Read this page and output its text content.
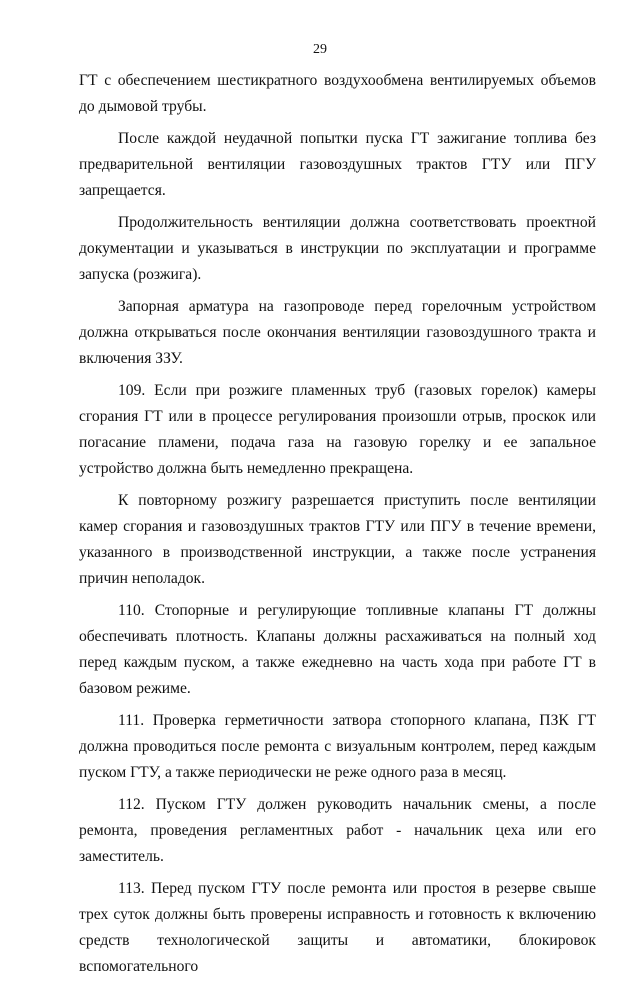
29

ГТ с обеспечением шестикратного воздухообмена вентилируемых объемов до дымовой трубы.

После каждой неудачной попытки пуска ГТ зажигание топлива без предварительной вентиляции газовоздушных трактов ГТУ или ПГУ запрещается.

Продолжительность вентиляции должна соответствовать проектной документации и указываться в инструкции по эксплуатации и программе запуска (розжига).

Запорная арматура на газопроводе перед горелочным устройством должна открываться после окончания вентиляции газовоздушного тракта и включения ЗЗУ.

109. Если при розжиге пламенных труб (газовых горелок) камеры сгорания ГТ или в процессе регулирования произошли отрыв, проскок или погасание пламени, подача газа на газовую горелку и ее запальное устройство должна быть немедленно прекращена.

К повторному розжигу разрешается приступить после вентиляции камер сгорания и газовоздушных трактов ГТУ или ПГУ в течение времени, указанного в производственной инструкции, а также после устранения причин неполадок.

110. Стопорные и регулирующие топливные клапаны ГТ должны обеспечивать плотность. Клапаны должны расхаживаться на полный ход перед каждым пуском, а также ежедневно на часть хода при работе ГТ в базовом режиме.

111. Проверка герметичности затвора стопорного клапана, ПЗК ГТ должна проводиться после ремонта с визуальным контролем, перед каждым пуском ГТУ, а также периодически не реже одного раза в месяц.

112. Пуском ГТУ должен руководить начальник смены, а после ремонта, проведения регламентных работ - начальник цеха или его заместитель.

113. Перед пуском ГТУ после ремонта или простоя в резерве свыше трех суток должны быть проверены исправность и готовность к включению средств технологической защиты и автоматики, блокировок вспомогательного
